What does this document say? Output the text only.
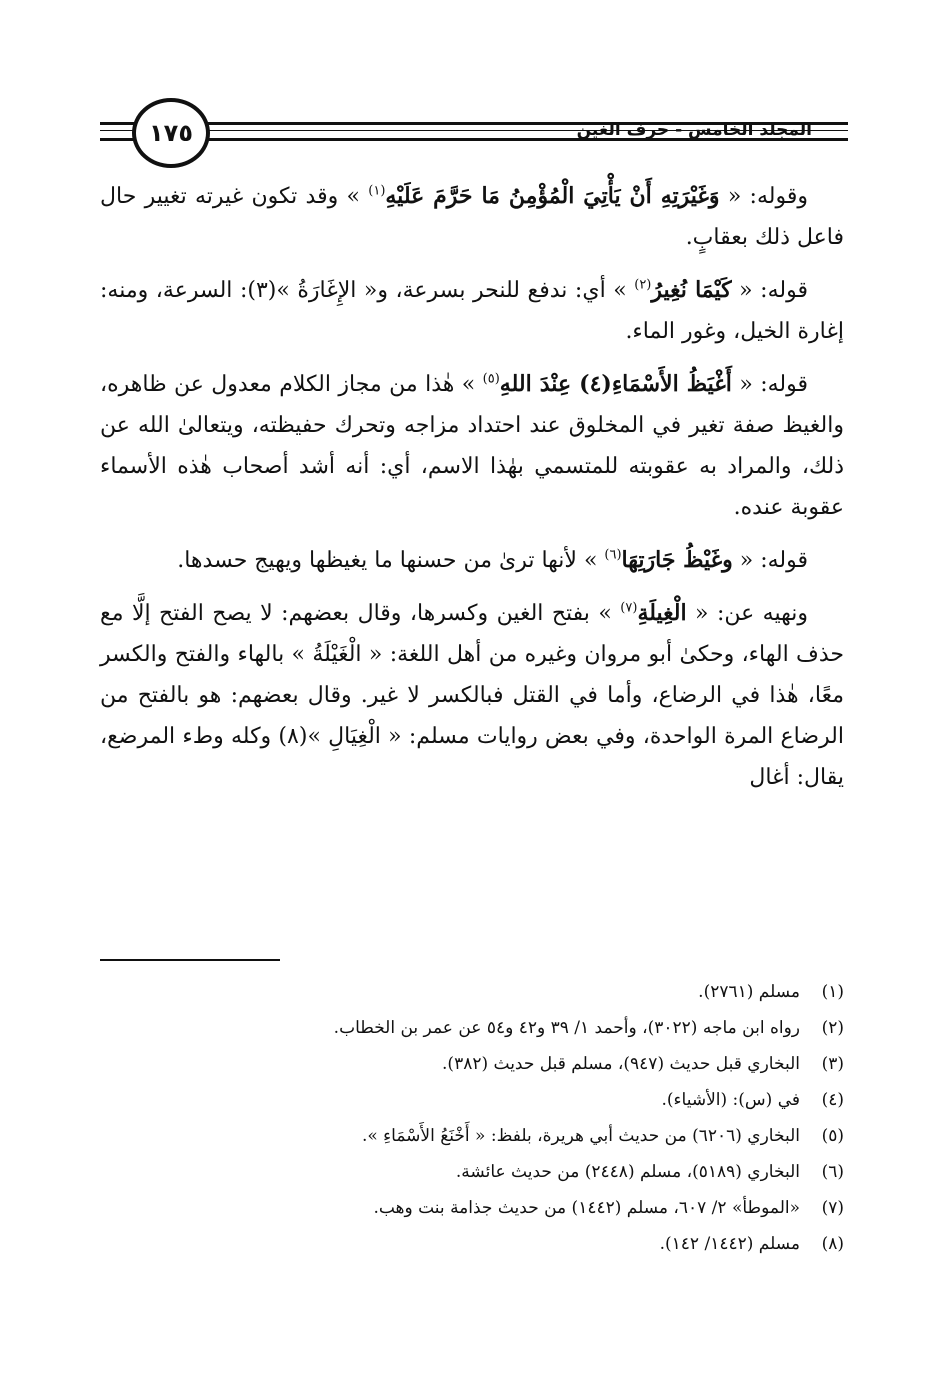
١٧٥	المجلد الخامس - حرف الغين

وقوله: « وَغَيْرَتِهِ أَنْ يَأْتِيَ الْمُؤْمِنُ مَا حَرَّمَ عَلَيْهِ$^{(١)}$ » وقد تكون غيرته تغيير حال فاعل ذلك بعقابٍ.

قوله: « كَيْمَا نُغِيرُ$^{(٢)}$ » أي: ندفع للنحر بسرعة، و« الإِغَارَةُ »(٣): السرعة، ومنه: إغارة الخيل، وغور الماء.

قوله: « أَغْيَظُ الأَسْمَاءِ(٤) عِنْدَ اللهِ$^{(٥)}$ » هٰذا من مجاز الكلام معدول عن ظاهره، والغيظ صفة تغير في المخلوق عند احتداد مزاجه وتحرك حفيظته، ويتعالىٰ الله عن ذلك، والمراد به عقوبته للمتسمي بهٰذا الاسم، أي: أنه أشد أصحاب هٰذه الأسماء عقوبة عنده.

قوله: « وغَيْظُ جَارَتِهَا$^{(٦)}$ » لأنها ترىٰ من حسنها ما يغيظها ويهيج حسدها.

ونهيه عن: « الْغِيلَةِ$^{(٧)}$ » بفتح الغين وكسرها، وقال بعضهم: لا يصح الفتح إلَّا مع حذف الهاء، وحكىٰ أبو مروان وغيره من أهل اللغة: « الْغَيْلَةُ » بالهاء والفتح والكسر معًا، هٰذا في الرضاع، وأما في القتل فبالكسر لا غير. وقال بعضهم: هو بالفتح من الرضاع المرة الواحدة، وفي بعض روايات مسلم: « الْغِيَالِ »(٨) وكله وطء المرضع، يقال: أغال

(١)
مسلم (٢٧٦١).
(٢)
رواه ابن ماجه (٣٠٢٢)، وأحمد ١/ ٣٩ و٤٢ و٥٤ عن عمر بن الخطاب.
(٣)
البخاري قبل حديث (٩٤٧)، مسلم قبل حديث (٣٨٢).
(٤)
في (س): (الأشياء).
(٥)
البخاري (٦٢٠٦) من حديث أبي هريرة، بلفظ: « أَخْنَعُ الأَسْمَاءِ ».
(٦)
البخاري (٥١٨٩)، مسلم (٢٤٤٨) من حديث عائشة.
(٧)
«الموطأ» ٢/ ٦٠٧، مسلم (١٤٤٢) من حديث جذامة بنت وهب.
(٨)
مسلم (١٤٤٢/ ١٤٢).
